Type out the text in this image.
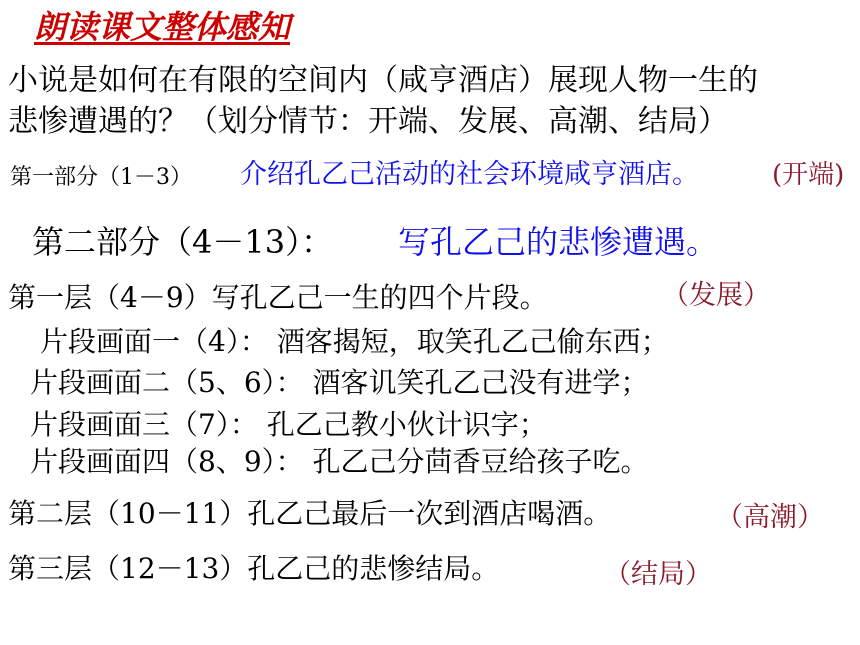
朗读课文整体感知
小说是如何在有限的空间内（咸亨酒店）展现人物一生的
悲惨遭遇的？（划分情节：开端、发展、高潮、结局）
第一部分（1－3） 介绍孔乙己活动的社会环境咸亨酒店。	(开端)
第二部分（4－13）： 写孔乙己的悲惨遭遇。
第一层（4－9）写孔乙己一生的四个片段。	（发展）
片段画面一（4）： 酒客揭短，取笑孔乙己偷东西；
片段画面二（5、6）： 酒客讥笑孔乙己没有进学；
片段画面三（7）： 孔乙己教小伙计识字；
片段画面四（8、9）： 孔乙己分茴香豆给孩子吃。
第二层（10－11）孔乙己最后一次到酒店喝酒。	（高潮）
第三层（12－13）孔乙己的悲惨结局。	（结局）
